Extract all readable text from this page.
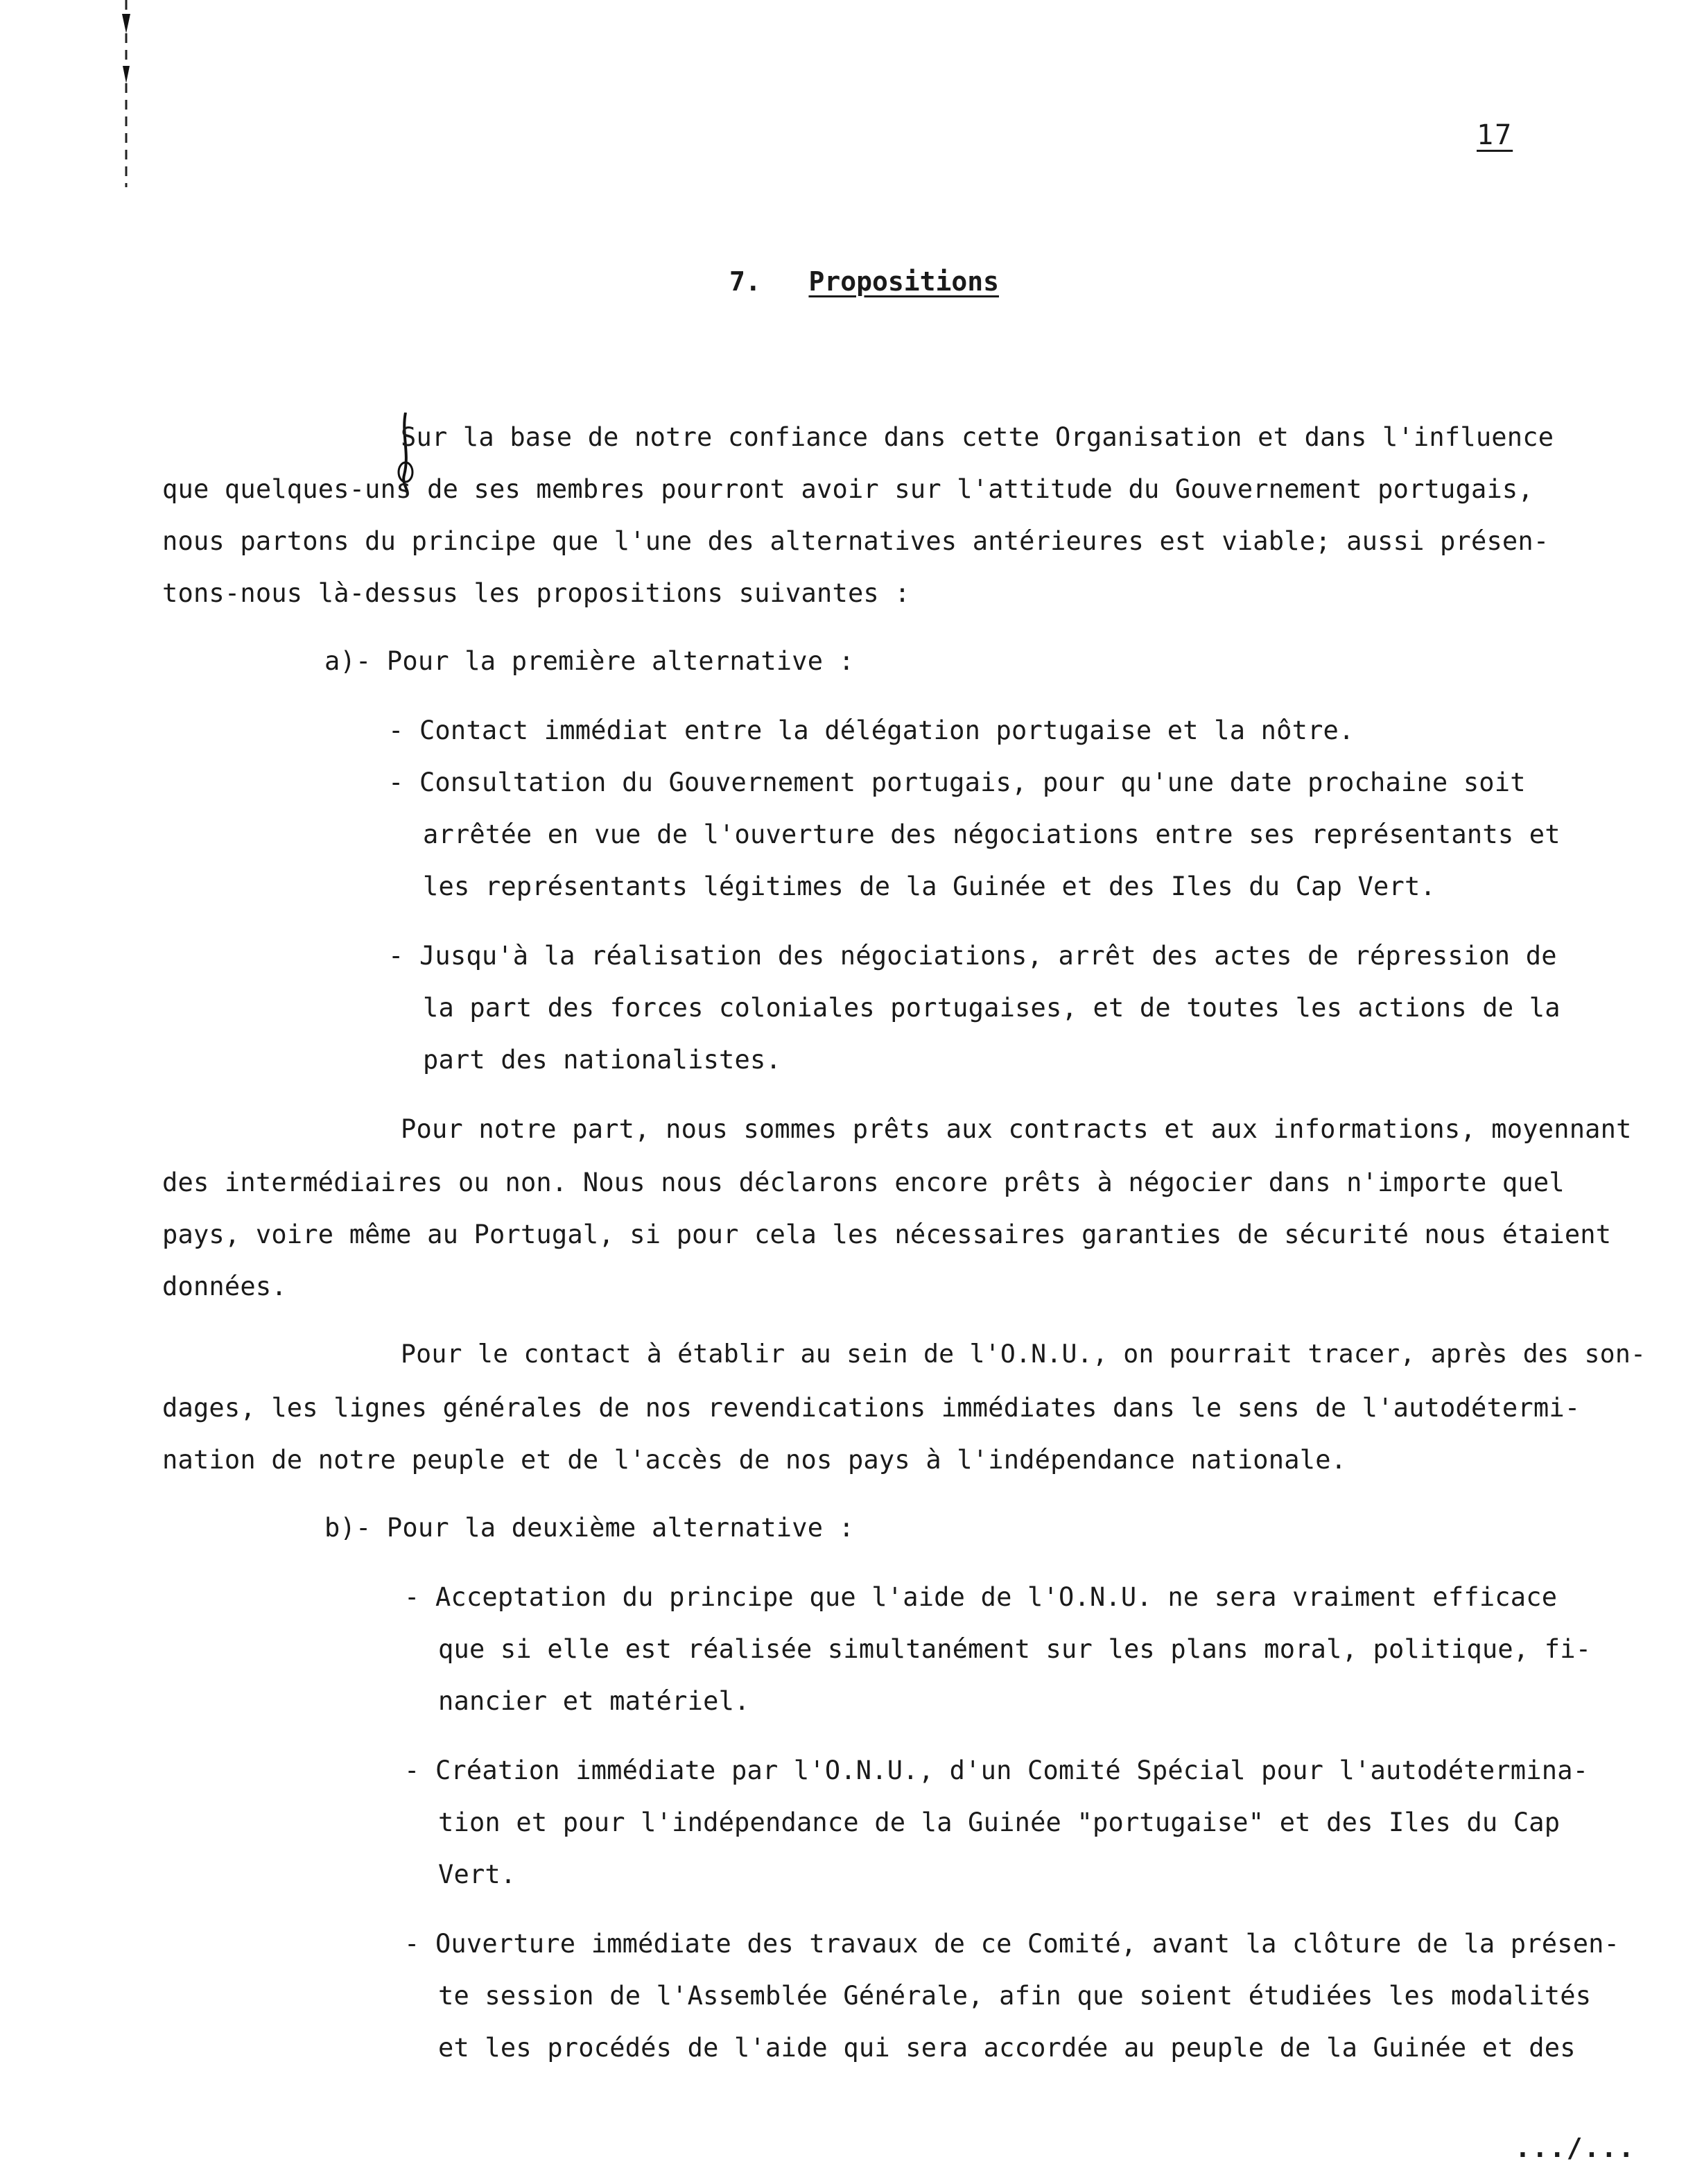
17
7. Propositions
Sur la base de notre confiance dans cette Organisation et dans l'influence
que quelques-uns de ses membres pourront avoir sur l'attitude du Gouvernement portugais,
nous partons du principe que l'une des alternatives antérieures est viable; aussi présen-
tons-nous là-dessus les propositions suivantes :
a)- Pour la première alternative :
- Contact immédiat entre la délégation portugaise et la nôtre.
- Consultation du Gouvernement portugais, pour qu'une date prochaine soit
arrêtée en vue de l'ouverture des négociations entre ses représentants et
les représentants légitimes de la Guinée et des Iles du Cap Vert.
- Jusqu'à la réalisation des négociations, arrêt des actes de répression de
la part des forces coloniales portugaises, et de toutes les actions de la
part des nationalistes.
Pour notre part, nous sommes prêts aux contracts et aux informations, moyennant
des intermédiaires ou non. Nous nous déclarons encore prêts à négocier dans n'importe quel
pays, voire même au Portugal, si pour cela les nécessaires garanties de sécurité nous étaient
données.
Pour le contact à établir au sein de l'O.N.U., on pourrait tracer, après des son-
dages, les lignes générales de nos revendications immédiates dans le sens de l'autodétermi-
nation de notre peuple et de l'accès de nos pays à l'indépendance nationale.
b)- Pour la deuxième alternative :
- Acceptation du principe que l'aide de l'O.N.U. ne sera vraiment efficace
que si elle est réalisée simultanément sur les plans moral, politique, fi-
nancier et matériel.
- Création immédiate par l'O.N.U., d'un Comité Spécial pour l'autodétermina-
tion et pour l'indépendance de la Guinée "portugaise" et des Iles du Cap
Vert.
- Ouverture immédiate des travaux de ce Comité, avant la clôture de la présen-
te session de l'Assemblée Générale, afin que soient étudiées les modalités
et les procédés de l'aide qui sera accordée au peuple de la Guinée et des
.../...
